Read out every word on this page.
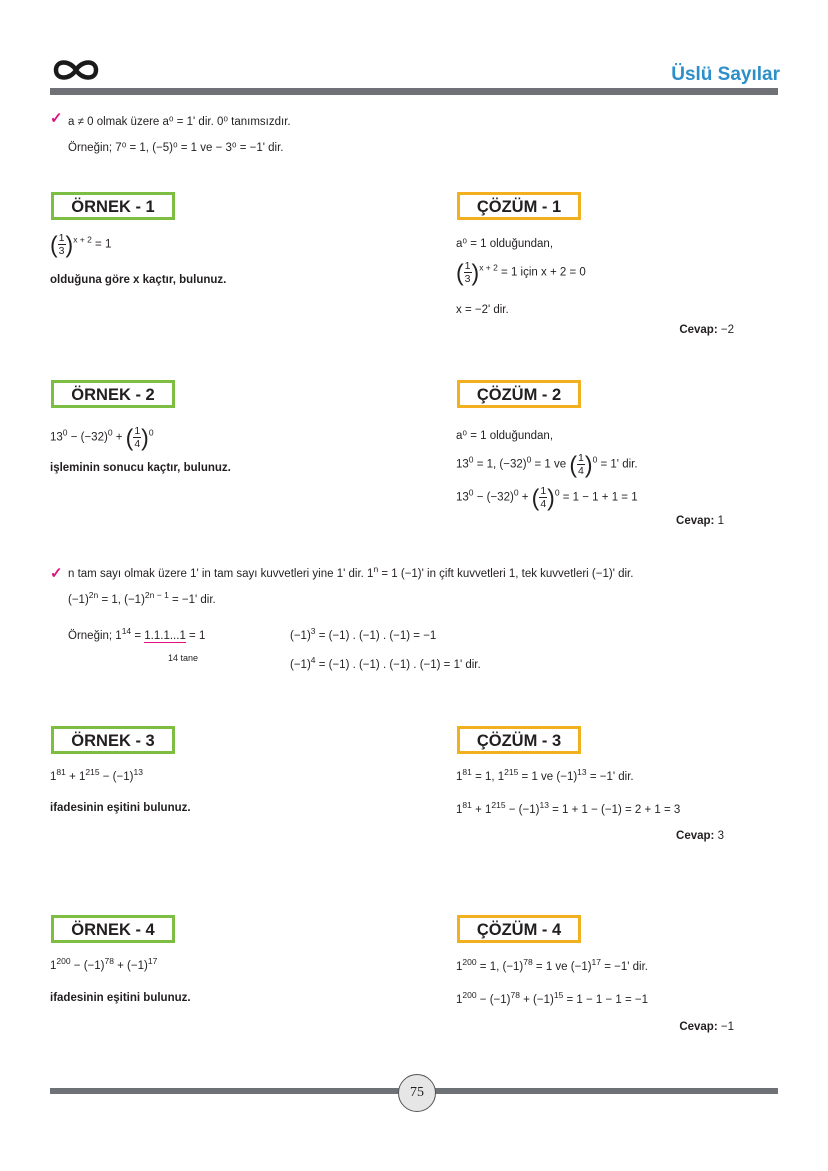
Üslü Sayılar
✓ a ≠ 0 olmak üzere a⁰ = 1' dir. 0⁰ tanımsızdır.
Örneğin; 7⁰ = 1, (−5)⁰ = 1 ve − 3⁰ = −1' dir.
ÖRNEK - 1
( $\frac{1}{3} )^{x + 2} = 1$
olduğuna göre x kaçtır, bulunuz.
ÇÖZÜM - 1
a⁰ = 1 olduğundan,
( $\frac{1}{3} )^{x + 2} = 1$ için x + 2 = 0
x = −2' dir.
Cevap: −2
ÖRNEK - 2
$13^0 - (-32)^0$ + ( $\frac{1}{4} )^0$
işleminin sonucu kaçtır, bulunuz.
ÇÖZÜM - 2
a⁰ = 1 olduğundan,
$13^0 = 1$, $(-32)^0 = 1$ ve ( $\frac{1}{4} )^0 = 1'$ dir.
$13^0 - (-32)^0$ + ( $\frac{1}{4} )^0 = 1 - 1 + 1 = 1$
Cevap: 1
✓ n tam sayı olmak üzere 1' in tam sayı kuvvetleri yine 1' dir. $1^n = 1$ (−1)' in çift kuvvetleri 1, tek kuvvetleri (−1)' dir.
$(-1)^{2n} = 1$, $(-1)^{2n - 1} = -1'$ dir.
Örneğin; $1^{14} = 1.1.1...1 = 1$
14 tane
$(-1)^3 = (-1)$ . (−1) . (−1) = −1
$(-1)^4 = (-1)$ . (−1) . (−1) . (−1) = 1' dir.
ÖRNEK - 3
$1^{81} + 1^{215} - (-1)^{13}$
ifadesinin eşitini bulunuz.
ÇÖZÜM - 3
$1^{81} = 1$, $1^{215} = 1$ ve $(-1)^{13} = -1'$ dir.
$1^{81} + 1^{215} - (-1)^{13} = 1 + 1 - (-1) = 2 + 1 = 3$
Cevap: 3
ÖRNEK - 4
$1^{200} - (-1)^{78} + (-1)^{17}$
ifadesinin eşitini bulunuz.
ÇÖZÜM - 4
$1^{200} = 1$, $(-1)^{78} = 1$ ve $(-1)^{17} = -1'$ dir.
$1^{200} - (-1)^{78} + (-1)^{15} = 1 - 1 - 1 = -1$
Cevap: −1
75
